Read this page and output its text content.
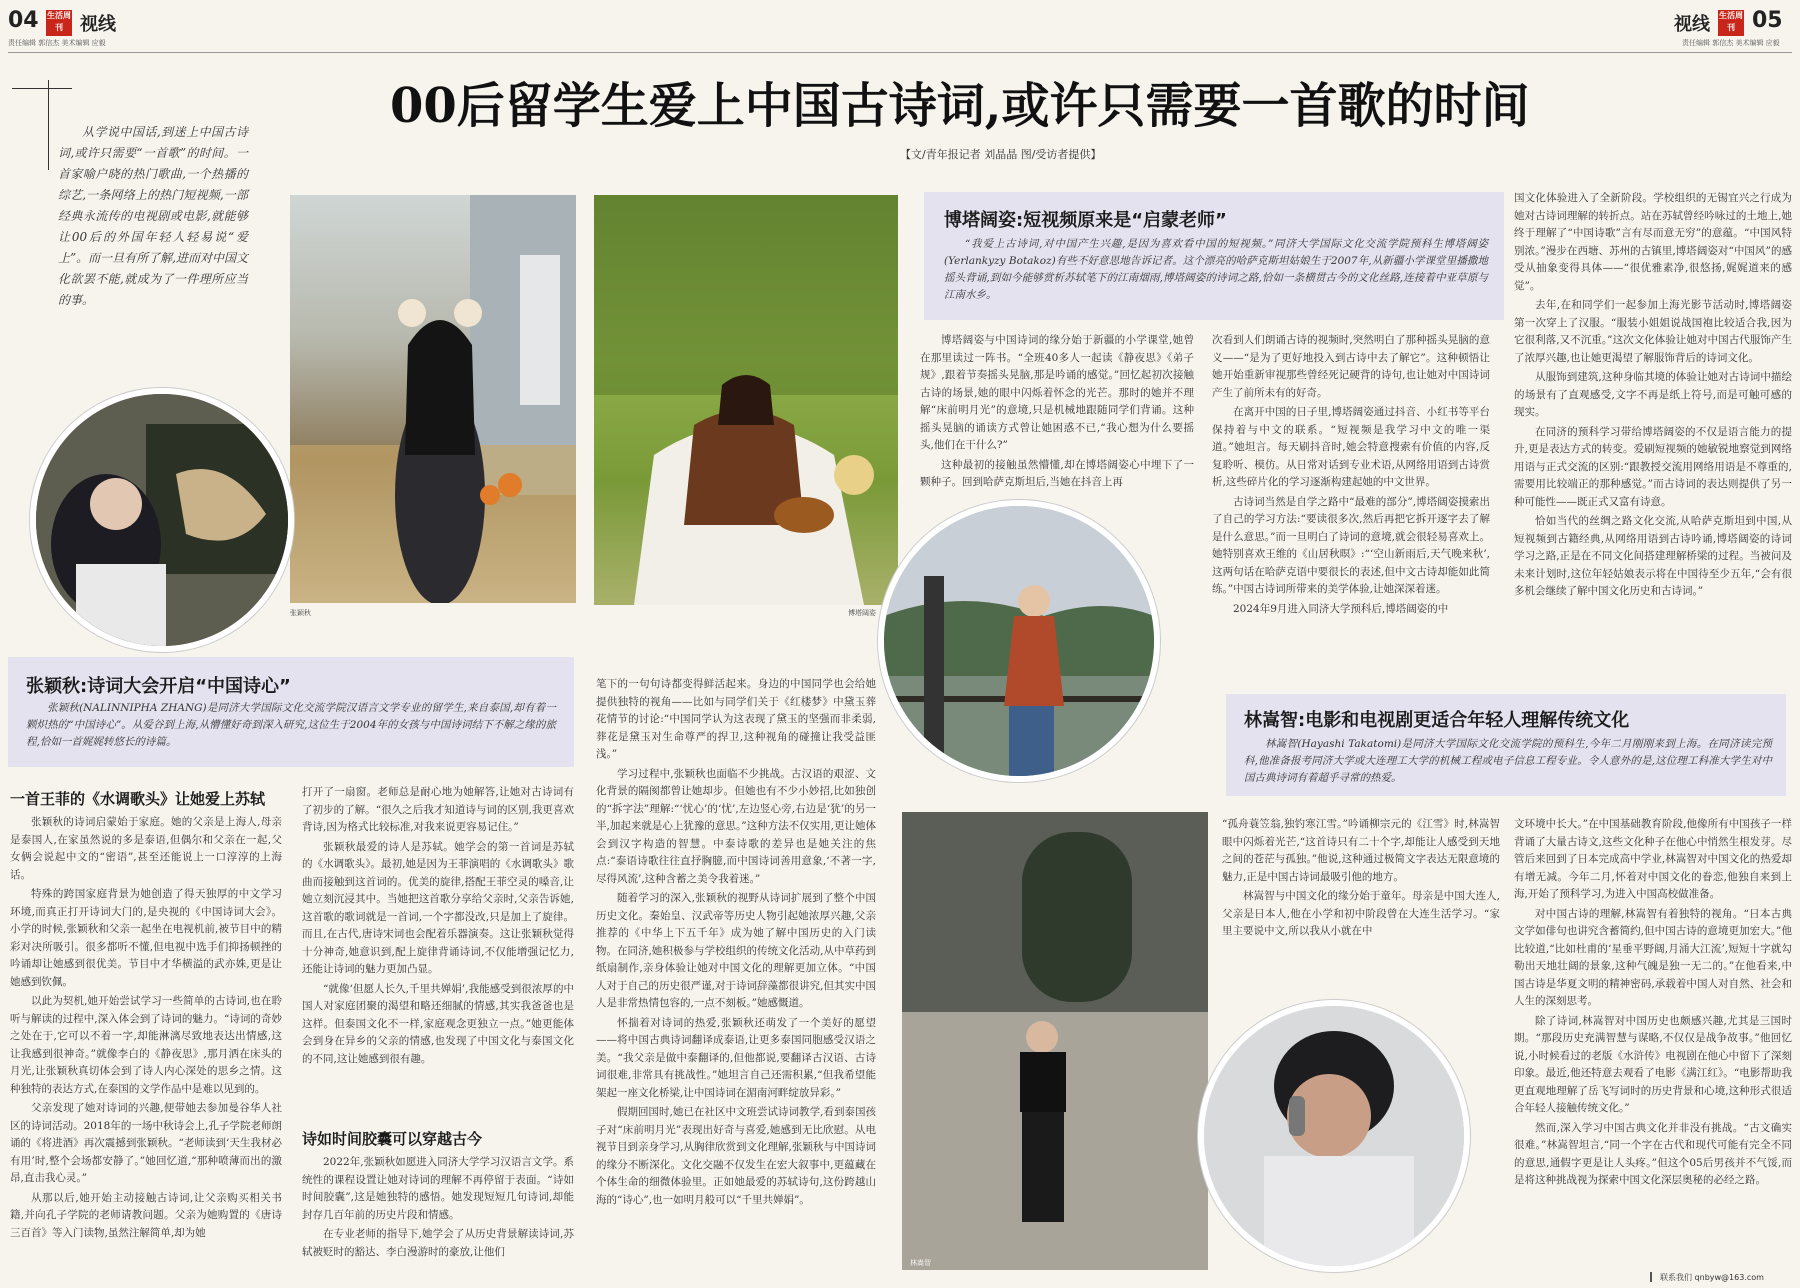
04 生活周刊 视线
责任编辑 郭信杰 美术编辑 应毅
视线 生活周刊 05
责任编辑 郭信杰 美术编辑 应毅
00后留学生爱上中国古诗词,或许只需要一首歌的时间
【文/青年报记者 刘晶晶 图/受访者提供】
从学说中国话,到迷上中国古诗词,或许只需要“一首歌”的时间。一首家喻户晓的热门歌曲,一个热播的综艺,一条网络上的热门短视频,一部经典永流传的电视剧或电影,就能够让00后的外国年轻人轻易说“爱上”。而一旦有所了解,进而对中国文化欲罢不能,就成为了一件理所应当的事。
张颖秋	博塔阔姿
林嵩智
张颖秋:诗词大会开启“中国诗心”
张颖秋(NALINNIPHA ZHANG)是同济大学国际文化交流学院汉语言文学专业的留学生,来自泰国,却有着一颗炽热的“中国诗心”。从爱谷到上海,从懵懂好奇到深入研究,这位生于2004年的女孩与中国诗词结下不解之缘的旅程,恰如一首娓娓转悠长的诗篇。
一首王菲的《水调歌头》让她爱上苏轼

张颖秋的诗词启蒙始于家庭。她的父亲是上海人,母亲是泰国人,在家虽然说的多是泰语,但偶尔和父亲在一起,父女俩会说起中文的“密语”,甚至还能说上一口淳淳的上海话。

特殊的跨国家庭背景为她创造了得天独厚的中文学习环境,而真正打开诗词大门的,是央视的《中国诗词大会》。小学的时候,张颖秋和父亲一起坐在电视机前,被节目中的精彩对决所吸引。很多都听不懂,但电视中选手们抑扬顿挫的吟诵却让她感到很优美。节目中才华横溢的武亦姝,更是让她感到钦佩。

以此为契机,她开始尝试学习一些简单的古诗词,也在聆听与解读的过程中,深入体会到了诗词的魅力。“诗词的奇妙之处在于,它可以不着一字,却能淋漓尽致地表达出情感,这让我感到很神奇。”就像李白的《静夜思》,那月洒在床头的月光,让张颖秋真切体会到了诗人内心深处的思乡之情。这种独特的表达方式,在泰国的文学作品中是难以见到的。

父亲发现了她对诗词的兴趣,便带她去参加曼谷华人社区的诗词活动。2018年的一场中秋诗会上,孔子学院老师朗诵的《将进酒》再次震撼到张颖秋。“老师读到‘天生我材必有用’时,整个会场都安静了。”她回忆道,“那种喷薄而出的激昂,直击我心灵。”

从那以后,她开始主动接触古诗词,让父亲购买相关书籍,并向孔子学院的老师请教问题。父亲为她购置的《唐诗三百首》等入门读物,虽然注解简单,却为她

打开了一扇窗。老师总是耐心地为她解答,让她对古诗词有了初步的了解。“很久之后我才知道诗与词的区别,我更喜欢背诗,因为格式比较标准,对我来说更容易记住。”

张颖秋最爱的诗人是苏轼。她学会的第一首词是苏轼的《水调歌头》。最初,她是因为王菲演唱的《水调歌头》歌曲而接触到这首词的。优美的旋律,搭配王菲空灵的嗓音,让她立刻沉浸其中。当她把这首歌分享给父亲时,父亲告诉她,这首歌的歌词就是一首词,一个字都没改,只是加上了旋律。而且,在古代,唐诗宋词也会配着乐器演奏。这让张颖秋觉得十分神奇,她意识到,配上旋律背诵诗词,不仅能增强记忆力,还能让诗词的魅力更加凸显。

“就像‘但愿人长久,千里共婵娟’,我能感受到很浓厚的中国人对家庭团聚的渴望和略还细腻的情感,其实我爸爸也是这样。但泰国文化不一样,家庭观念更独立一点。”她更能体会到身在异乡的父亲的情感,也发现了中国文化与泰国文化的不同,这让她感到很有趣。

诗如时间胶囊可以穿越古今

2022年,张颖秋如愿进入同济大学学习汉语言文学。系统性的课程设置让她对诗词的理解不再停留于表面。“诗如时间胶囊”,这是她独特的感悟。她发现短短几句诗词,却能封存几百年前的历史片段和情感。

在专业老师的指导下,她学会了从历史背景解读诗词,苏轼被贬时的豁达、李白漫游时的豪放,让他们

笔下的一句句诗都变得鲜活起来。身边的中国同学也会给她提供独特的视角——比如与同学们关于《红楼梦》中黛玉葬花情节的讨论:“中国同学认为这表现了黛玉的坚强而非柔弱,葬花是黛玉对生命尊严的捍卫,这种视角的碰撞让我受益匪浅。”

学习过程中,张颖秋也面临不少挑战。古汉语的艰涩、文化背景的隔阂都曾让她却步。但她也有不少小妙招,比如独创的“拆字法”理解:“‘忧心’的‘忧’,左边竖心旁,右边是‘犹’的另一半,加起来就是心上犹豫的意思。”这种方法不仅实用,更让她体会到汉字构造的智慧。中泰诗歌的差异也是她关注的焦点:“泰语诗歌往往直抒胸臆,而中国诗词善用意象,‘不著一字,尽得风流’,这种含蓄之美令我着迷。”

随着学习的深入,张颖秋的视野从诗词扩展到了整个中国历史文化。秦始皇、汉武帝等历史人物引起她浓厚兴趣,父亲推荐的《中华上下五千年》成为她了解中国历史的入门读物。在同济,她积极参与学校组织的传统文化活动,从中草药到纸扇制作,亲身体验让她对中国文化的理解更加立体。“中国人对于自己的历史很严谨,对于诗词辞藻都很讲究,但其实中国人是非常热情包容的,一点不刻板。”她感慨道。

怀揣着对诗词的热爱,张颖秋还萌发了一个美好的愿望——将中国古典诗词翻译成泰语,让更多泰国同胞感受汉语之美。“我父亲是做中泰翻译的,但他都说,要翻译古汉语、古诗词很难,非常具有挑战性。”她坦言自己还需积累,“但我希望能架起一座文化桥梁,让中国诗词在湄南河畔绽放异彩。”

假期回国时,她已在社区中文班尝试诗词教学,看到泰国孩子对“床前明月光”表现出好奇与喜爱,她感到无比欣慰。从电视节目到亲身学习,从胸律欣赏到文化理解,张颖秋与中国诗词的缘分不断深化。文化交融不仅发生在宏大叙事中,更蕴藏在个体生命的细微体验里。正如她最爱的苏轼诗句,这份跨越山海的“诗心”,也一如明月般可以“千里共婵娟”。

博塔阔姿:短视频原来是“启蒙老师”
“我爱上古诗词,对中国产生兴趣,是因为喜欢看中国的短视频。”同济大学国际文化交流学院预科生博塔阔姿(Yerlankyzy Botakoz)有些不好意思地告诉记者。这个漂亮的哈萨克斯坦姑娘生于2007年,从新疆小学课堂里播撒地摇头背诵,到如今能够赏析苏轼笔下的江南烟雨,博塔阔姿的诗词之路,恰如一条横贯古今的文化丝路,连接着中亚草原与江南水乡。

博塔阔姿与中国诗词的缘分始于新疆的小学课堂,她曾在那里读过一阵书。“全班40多人一起读《静夜思》《弟子规》,跟着节奏摇头晃脑,那是吟诵的感觉。”回忆起初次接触古诗的场景,她的眼中闪烁着怀念的光芒。那时的她并不理解“床前明月光”的意境,只是机械地跟随同学们背诵。这种摇头晃脑的诵读方式曾让她困惑不已,“我心想为什么要摇头,他们在干什么?”

这种最初的接触虽然懵懂,却在博塔阔姿心中埋下了一颗种子。回到哈萨克斯坦后,当她在抖音上再

次看到人们朗诵古诗的视频时,突然明白了那种摇头晃脑的意义——“是为了更好地投入到古诗中去了解它”。这种顿悟让她开始重新审视那些曾经死记硬背的诗句,也让她对中国诗词产生了前所未有的好奇。

在离开中国的日子里,博塔阔姿通过抖音、小红书等平台保持着与中文的联系。“短视频是我学习中文的唯一渠道。”她坦言。每天刷抖音时,她会特意搜索有价值的内容,反复聆听、模仿。从日常对话到专业术语,从网络用语到古诗赏析,这些碎片化的学习逐渐构建起她的中文世界。

古诗词当然是自学之路中“最难的部分”,博塔阔姿摸索出了自己的学习方法:“要读很多次,然后再把它拆开逐字去了解是什么意思。”而一旦明白了诗词的意境,就会很轻易喜欢上。她特别喜欢王维的《山居秋暝》:“‘空山新雨后,天气晚来秋’,这两句话在哈萨克语中要很长的表述,但中文古诗却能如此简练。”中国古诗词所带来的美学体验,让她深深着迷。

2024年9月进入同济大学预科后,博塔阔姿的中

国文化体验进入了全新阶段。学校组织的无锡宜兴之行成为她对古诗词理解的转折点。站在苏轼曾经吟咏过的土地上,她终于理解了“中国诗歌”言有尽而意无穷”的意蕴。“中国风特别浓。”漫步在西塘、苏州的古镇里,博塔阔姿对“中国风”的感受从抽象变得具体——“很优雅素净,很悠扬,娓娓道来的感觉”。

去年,在和同学们一起参加上海光影节活动时,博塔阔姿第一次穿上了汉服。“服装小姐姐说战国袍比较适合我,因为它很利落,又不沉重。”这次文化体验让她对中国古代服饰产生了浓厚兴趣,也让她更渴望了解服饰背后的诗词文化。

从服饰到建筑,这种身临其境的体验让她对古诗词中描绘的场景有了直观感受,文字不再是纸上符号,而是可触可感的现实。

在同济的预科学习带给博塔阔姿的不仅是语言能力的提升,更是表达方式的转变。爱刷短视频的她敏锐地察觉到网络用语与正式交流的区别:“跟教授交流用网络用语是不尊重的,需要用比较端正的那种感觉。”而古诗词的表达则提供了另一种可能性——既正式又富有诗意。

恰如当代的丝绸之路文化交流,从哈萨克斯坦到中国,从短视频到古籍经典,从网络用语到古诗吟诵,博塔阔姿的诗词学习之路,正是在不同文化间搭建理解桥梁的过程。当被问及未来计划时,这位年轻姑娘表示将在中国待至少五年,“会有很多机会继续了解中国文化历史和古诗词。”

林嵩智:电影和电视剧更适合年轻人理解传统文化
林嵩智(Hayashi Takatomi)是同济大学国际文化交流学院的预科生,今年二月刚刚来到上海。在同济读完预科,他准备报考同济大学或大连理工大学的机械工程或电子信息工程专业。令人意外的是,这位理工科准大学生对中国古典诗词有着超乎寻常的热爱。

“孤舟蓑笠翁,独钓寒江雪。”吟诵柳宗元的《江雪》时,林嵩智眼中闪烁着光芒,“这首诗只有二十个字,却能让人感受到天地之间的苍茫与孤独。”他说,这种通过极简文字表达无限意境的魅力,正是中国古诗词最吸引他的地方。

林嵩智与中国文化的缘分始于童年。母亲是中国大连人,父亲是日本人,他在小学和初中阶段曾在大连生活学习。“家里主要说中文,所以我从小就在中

文环境中长大。”在中国基础教育阶段,他像所有中国孩子一样背诵了大量古诗文,这些文化种子在他心中悄然生根发芽。尽管后来回到了日本完成高中学业,林嵩智对中国文化的热爱却有增无减。今年二月,怀着对中国文化的眷恋,他独自来到上海,开始了预科学习,为进入中国高校做准备。

对中国古诗的理解,林嵩智有着独特的视角。“日本古典文学如俳句也讲究含蓄简约,但中国古诗的意境更加宏大。”他比较道,“比如杜甫的‘星垂平野阔,月涌大江流’,短短十字就勾勒出天地壮阔的景象,这种气魄是独一无二的。”在他看来,中国古诗是华夏文明的精神密码,承载着中国人对自然、社会和人生的深刻思考。

除了诗词,林嵩智对中国历史也颇感兴趣,尤其是三国时期。“那段历史充满智慧与谋略,不仅仅是战争故事。”他回忆说,小时候看过的老版《水浒传》电视剧在他心中留下了深刻印象。最近,他还特意去观看了电影《满江红》。“电影帮助我更直观地理解了岳飞写词时的历史背景和心境,这种形式很适合年轻人接触传统文化。”

然而,深入学习中国古典文化并非没有挑战。“古文确实很难。”林嵩智坦言,“同一个字在古代和现代可能有完全不同的意思,通假字更是让人头疼。”但这个05后男孩并不气馁,而是将这种挑战视为探索中国文化深层奥秘的必经之路。

联系我们 qnbyw@163.com
